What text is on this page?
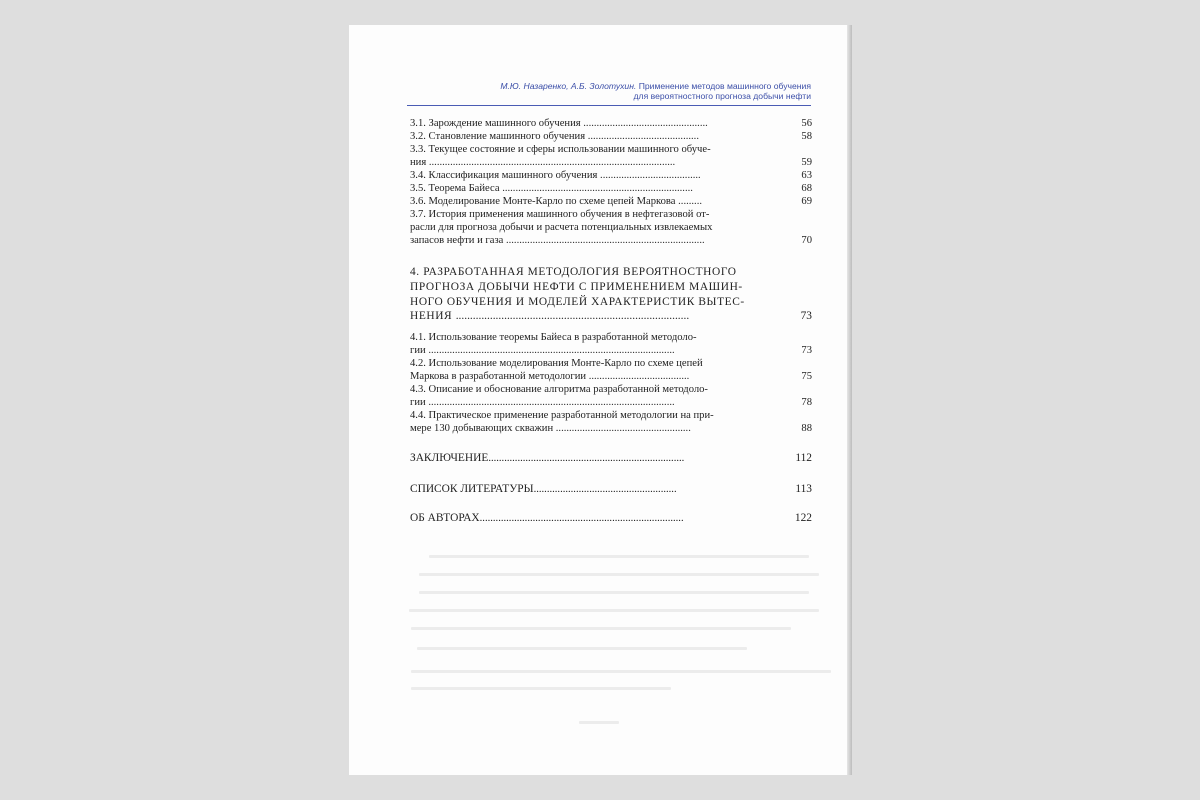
М.Ю. Назаренко, А.Б. Золотухин. Применение методов машинного обучения
для вероятностного прогноза добычи нефти
3.1. Зарождение машинного обучения ...............................................	56
3.2. Становление машинного обучения ..........................................	58
3.3. Текущее состояние и сферы использовании машинного обуче-
ния .............................................................................................	59
3.4. Классификация машинного обучения ......................................	63
3.5. Теорема Байеса ........................................................................	68
3.6. Моделирование Монте-Карло по схеме цепей Маркова .........	69
3.7. История применения машинного обучения в нефтегазовой от-
расли для прогноза добычи и расчета потенциальных извлекаемых
запасов нефти и газа ...........................................................................	70
4. РАЗРАБОТАННАЯ МЕТОДОЛОГИЯ ВЕРОЯТНОСТНОГО
ПРОГНОЗА ДОБЫЧИ НЕФТИ С ПРИМЕНЕНИЕМ МАШИН-
НОГО ОБУЧЕНИЯ И МОДЕЛЕЙ ХАРАКТЕРИСТИК ВЫТЕС-
НЕНИЯ ..................................................................................	73
4.1. Использование теоремы Байеса в разработанной методоло-
гии .............................................................................................	73
4.2. Использование моделирования Монте-Карло по схеме цепей
Маркова в разработанной методологии ......................................	75
4.3. Описание и обоснование алгоритма разработанной методоло-
гии .............................................................................................	78
4.4. Практическое применение разработанной методологии на при-
мере 130 добывающих скважин ...................................................	88
ЗАКЛЮЧЕНИЕ..........................................................................	112
СПИСОК ЛИТЕРАТУРЫ......................................................	113
ОБ АВТОРАХ.............................................................................	122
